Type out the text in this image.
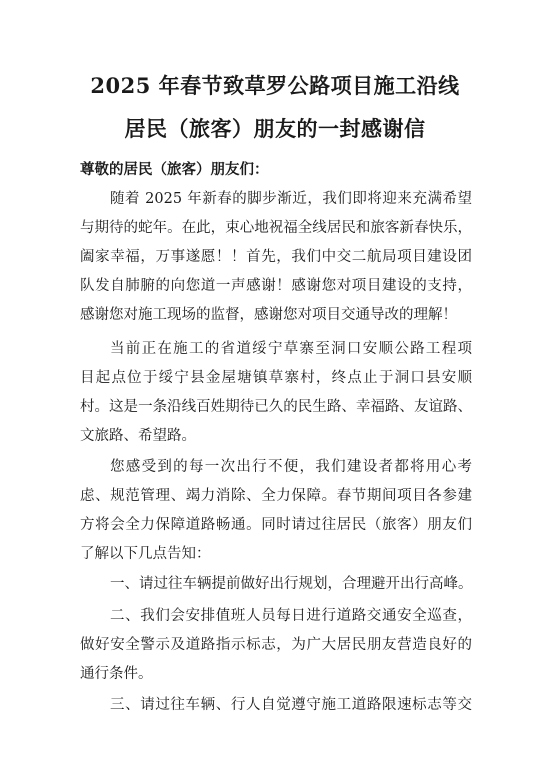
2025 年春节致草罗公路项目施工沿线
居民（旅客）朋友的一封感谢信
尊敬的居民（旅客）朋友们：
随着 2025 年新春的脚步渐近，我们即将迎来充满希望
与期待的蛇年。在此，束心地祝福全线居民和旅客新春快乐，
阖家幸福，万事遂愿！！首先，我们中交二航局项目建设团
队发自肺腑的向您道一声感谢！感谢您对项目建设的支持，
感谢您对施工现场的监督，感谢您对项目交通导改的理解！
当前正在施工的省道绥宁草寨至洞口安顺公路工程项
目起点位于绥宁县金屋塘镇草寨村，终点止于洞口县安顺
村。这是一条沿线百姓期待已久的民生路、幸福路、友谊路、
文旅路、希望路。
您感受到的每一次出行不便，我们建设者都将用心考
虑、规范管理、竭力消除、全力保障。春节期间项目各参建
方将会全力保障道路畅通。同时请过往居民（旅客）朋友们
了解以下几点告知：
一、请过往车辆提前做好出行规划，合理避开出行高峰。
二、我们会安排值班人员每日进行道路交通安全巡查，
做好安全警示及道路指示标志，为广大居民朋友营造良好的
通行条件。
三、请过往车辆、行人自觉遵守施工道路限速标志等交
